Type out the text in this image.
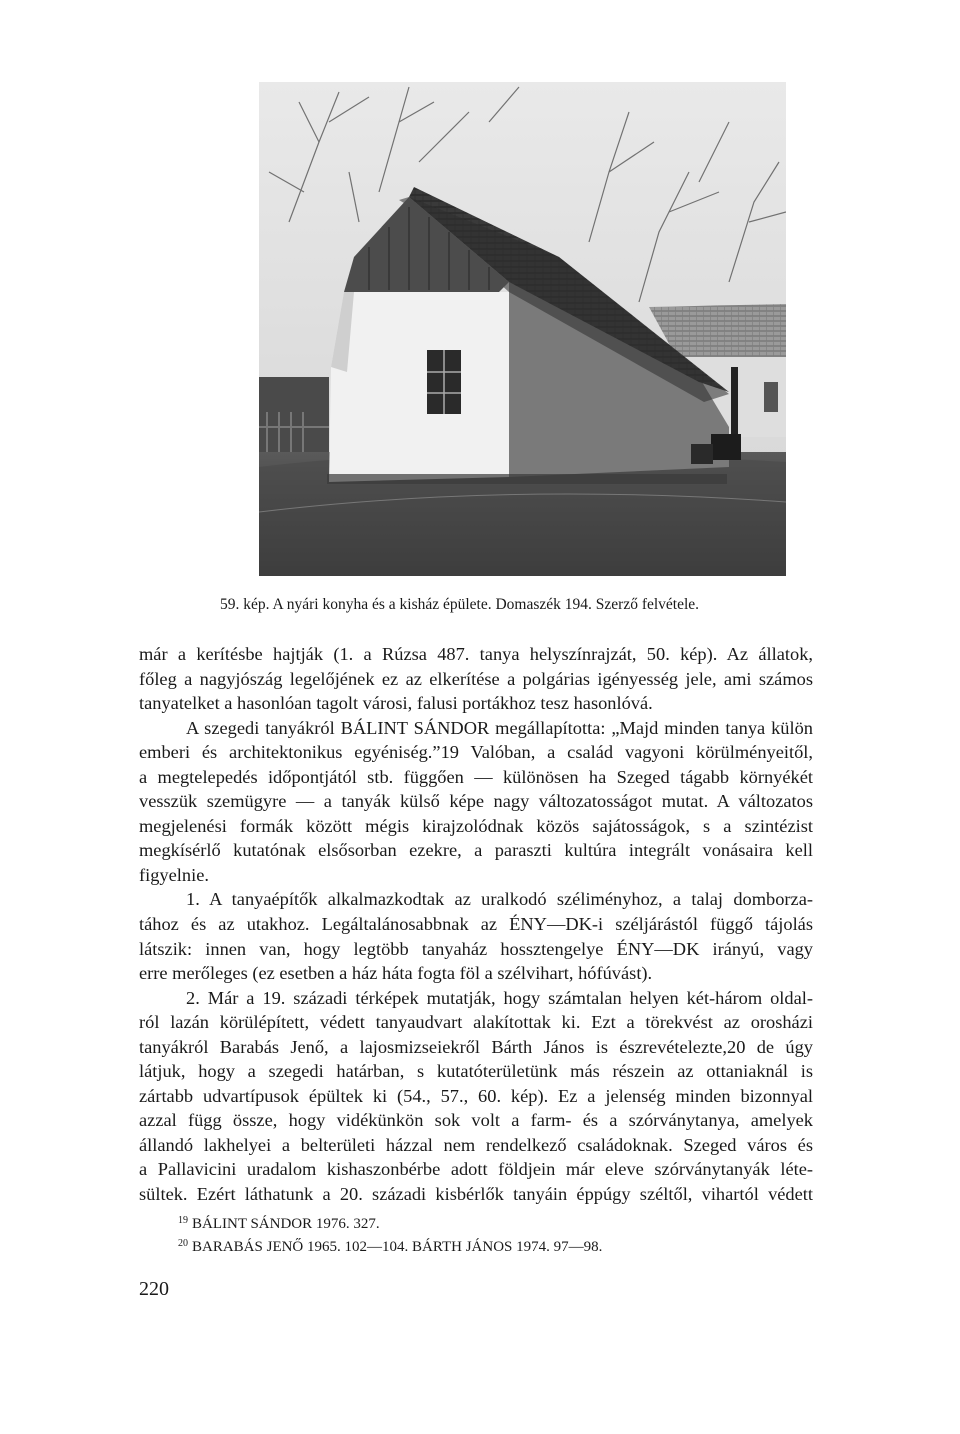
59. kép. A nyári konyha és a kisház épülete. Domaszék 194. Szerző felvétele.
már a kerítésbe hajtják (1. a Rúzsa 487. tanya helyszínrajzát, 50. kép). Az állatok,
főleg a nagyjószág legelőjének ez az elkerítése a polgárias igényesség jele, ami számos
tanyatelket a hasonlóan tagolt városi, falusi portákhoz tesz hasonlóvá.
A szegedi tanyákról BÁLINT SÁNDOR megállapította: „Majd minden tanya külön
emberi és architektonikus egyéniség.”19 Valóban, a család vagyoni körülményeitől,
a megtelepedés időpontjától stb. függően — különösen ha Szeged tágabb környékét
vesszük szemügyre — a tanyák külső képe nagy változatosságot mutat. A változatos
megjelenési formák között mégis kirajzolódnak közös sajátosságok, s a szintézist
megkísérlő kutatónak elsősorban ezekre, a paraszti kultúra integrált vonásaira kell
figyelnie.
1. A tanyaépítők alkalmazkodtak az uralkodó széliményhoz, a talaj domborza-
tához és az utakhoz. Legáltalánosabbnak az ÉNY—DK-i széljárástól függő tájolás
látszik: innen van, hogy legtöbb tanyaház hossztengelye ÉNY—DK irányú, vagy
erre merőleges (ez esetben a ház háta fogta föl a szélvihart, hófúvást).
2. Már a 19. századi térképek mutatják, hogy számtalan helyen két-három oldal-
ról lazán körülépített, védett tanyaudvart alakítottak ki. Ezt a törekvést az orosházi
tanyákról Barabás Jenő, a lajosmizseiekről Bárth János is észrevételezte,20 de úgy
látjuk, hogy a szegedi határban, s kutatóterületünk más részein az ottaniaknál is
zártabb udvartípusok épültek ki (54., 57., 60. kép). Ez a jelenség minden bizonnyal
azzal függ össze, hogy vidékünkön sok volt a farm- és a szórványtanya, amelyek
állandó lakhelyei a belterületi házzal nem rendelkező családoknak. Szeged város és
a Pallavicini uradalom kishaszonbérbe adott földjein már eleve szórványtanyák léte-
sültek. Ezért láthatunk a 20. századi kisbérlők tanyáin éppúgy széltől, vihartól védett
$^{19}$ BÁLINT SÁNDOR 1976. 327.
$^{20}$ BARABÁS JENŐ 1965. 102—104. BÁRTH JÁNOS 1974. 97—98.
220
